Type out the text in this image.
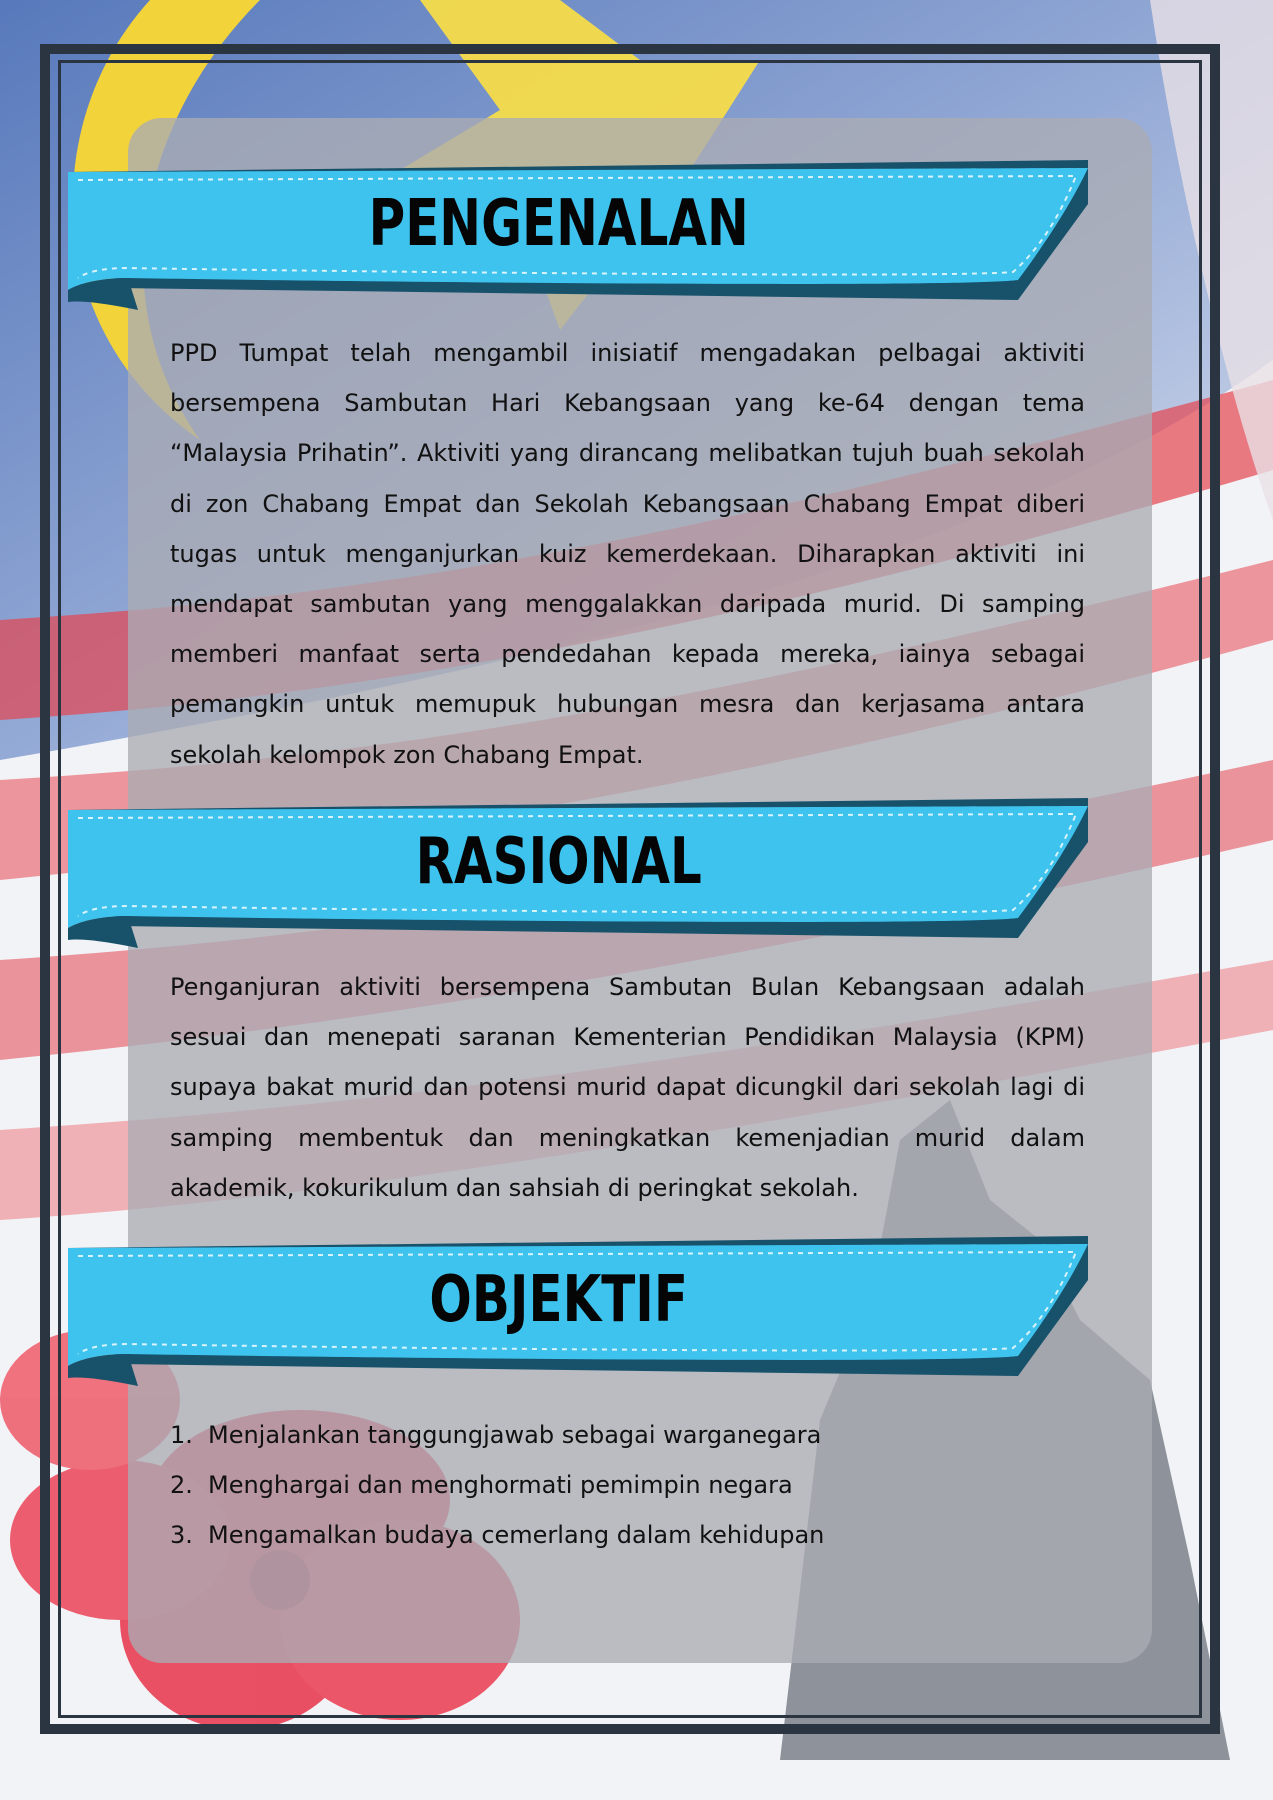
PENGENALAN

PPD Tumpat telah mengambil inisiatif mengadakan pelbagai aktiviti bersempena Sambutan Hari Kebangsaan yang ke-64 dengan tema “Malaysia Prihatin”. Aktiviti yang dirancang melibatkan tujuh buah sekolah di zon Chabang Empat dan Sekolah Kebangsaan Chabang Empat diberi tugas untuk menganjurkan kuiz kemerdekaan. Diharapkan aktiviti ini mendapat sambutan yang menggalakkan daripada murid. Di samping memberi manfaat serta pendedahan kepada mereka, iainya sebagai pemangkin untuk memupuk hubungan mesra dan kerjasama antara sekolah kelompok zon Chabang Empat.

RASIONAL

Penganjuran aktiviti bersempena Sambutan Bulan Kebangsaan adalah sesuai dan menepati saranan Kementerian Pendidikan Malaysia (KPM) supaya bakat murid dan potensi murid dapat dicungkil dari sekolah lagi di samping membentuk dan meningkatkan kemenjadian murid dalam akademik, kokurikulum dan sahsiah di peringkat sekolah.

OBJEKTIF
1. Menjalankan tanggungjawab sebagai warganegara
2. Menghargai dan menghormati pemimpin negara
3. Mengamalkan budaya cemerlang dalam kehidupan
